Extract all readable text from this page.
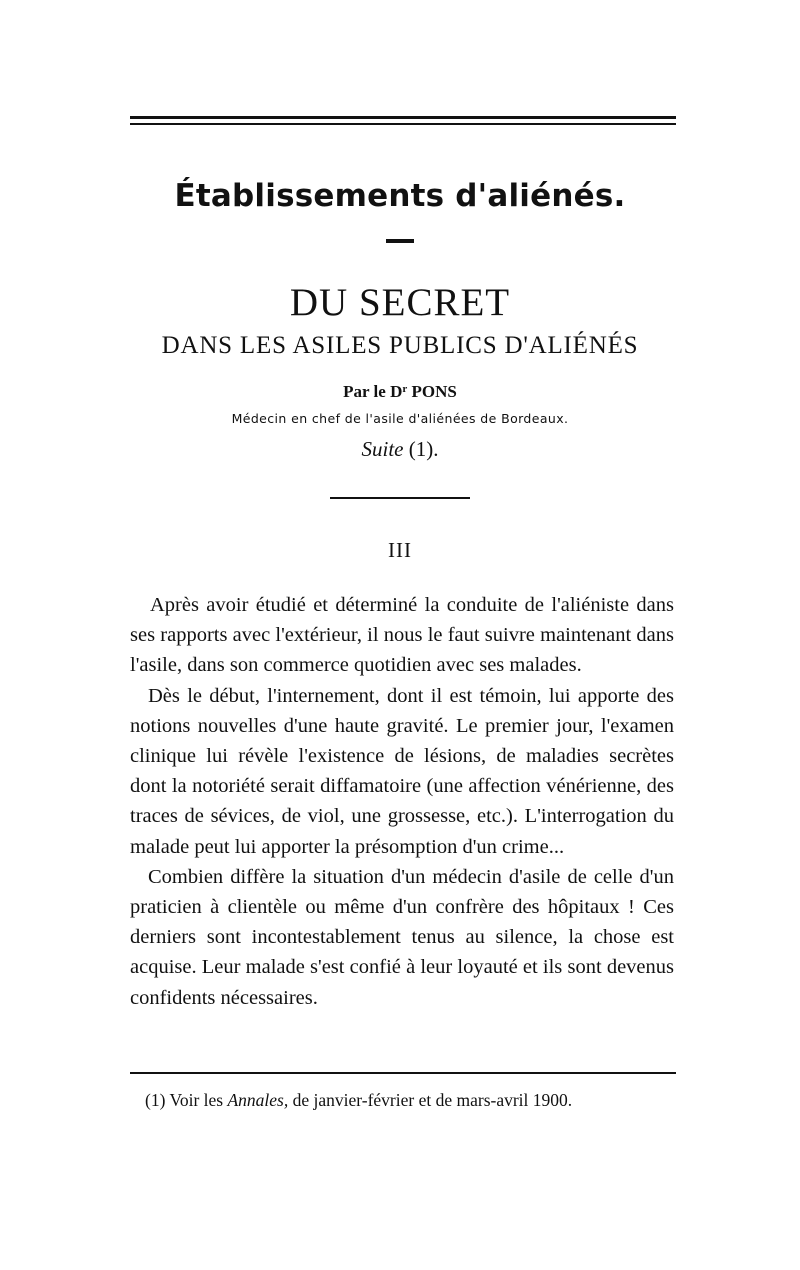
Établissements d'aliénés.
DU SECRET
DANS LES ASILES PUBLICS D'ALIÉNÉS
Par le $D^r$ PONS
Médecin en chef de l'asile d'aliénées de Bordeaux.
Suite (1).
III

Après avoir étudié et déterminé la conduite de l'aliéniste dans ses rapports avec l'extérieur, il nous le faut suivre maintenant dans l'asile, dans son commerce quotidien avec ses malades.

Dès le début, l'internement, dont il est témoin, lui apporte des notions nouvelles d'une haute gravité. Le premier jour, l'examen clinique lui révèle l'existence de lésions, de maladies secrètes dont la notoriété serait diffamatoire (une affection vénérienne, des traces de sévices, de viol, une grossesse, etc.). L'interrogation du malade peut lui apporter la présomption d'un crime...

Combien diffère la situation d'un médecin d'asile de celle d'un praticien à clientèle ou même d'un confrère des hôpitaux ! Ces derniers sont incontestablement tenus au silence, la chose est acquise. Leur malade s'est confié à leur loyauté et ils sont devenus confidents nécessaires.

(1) Voir les Annales, de janvier-février et de mars-avril 1900.
